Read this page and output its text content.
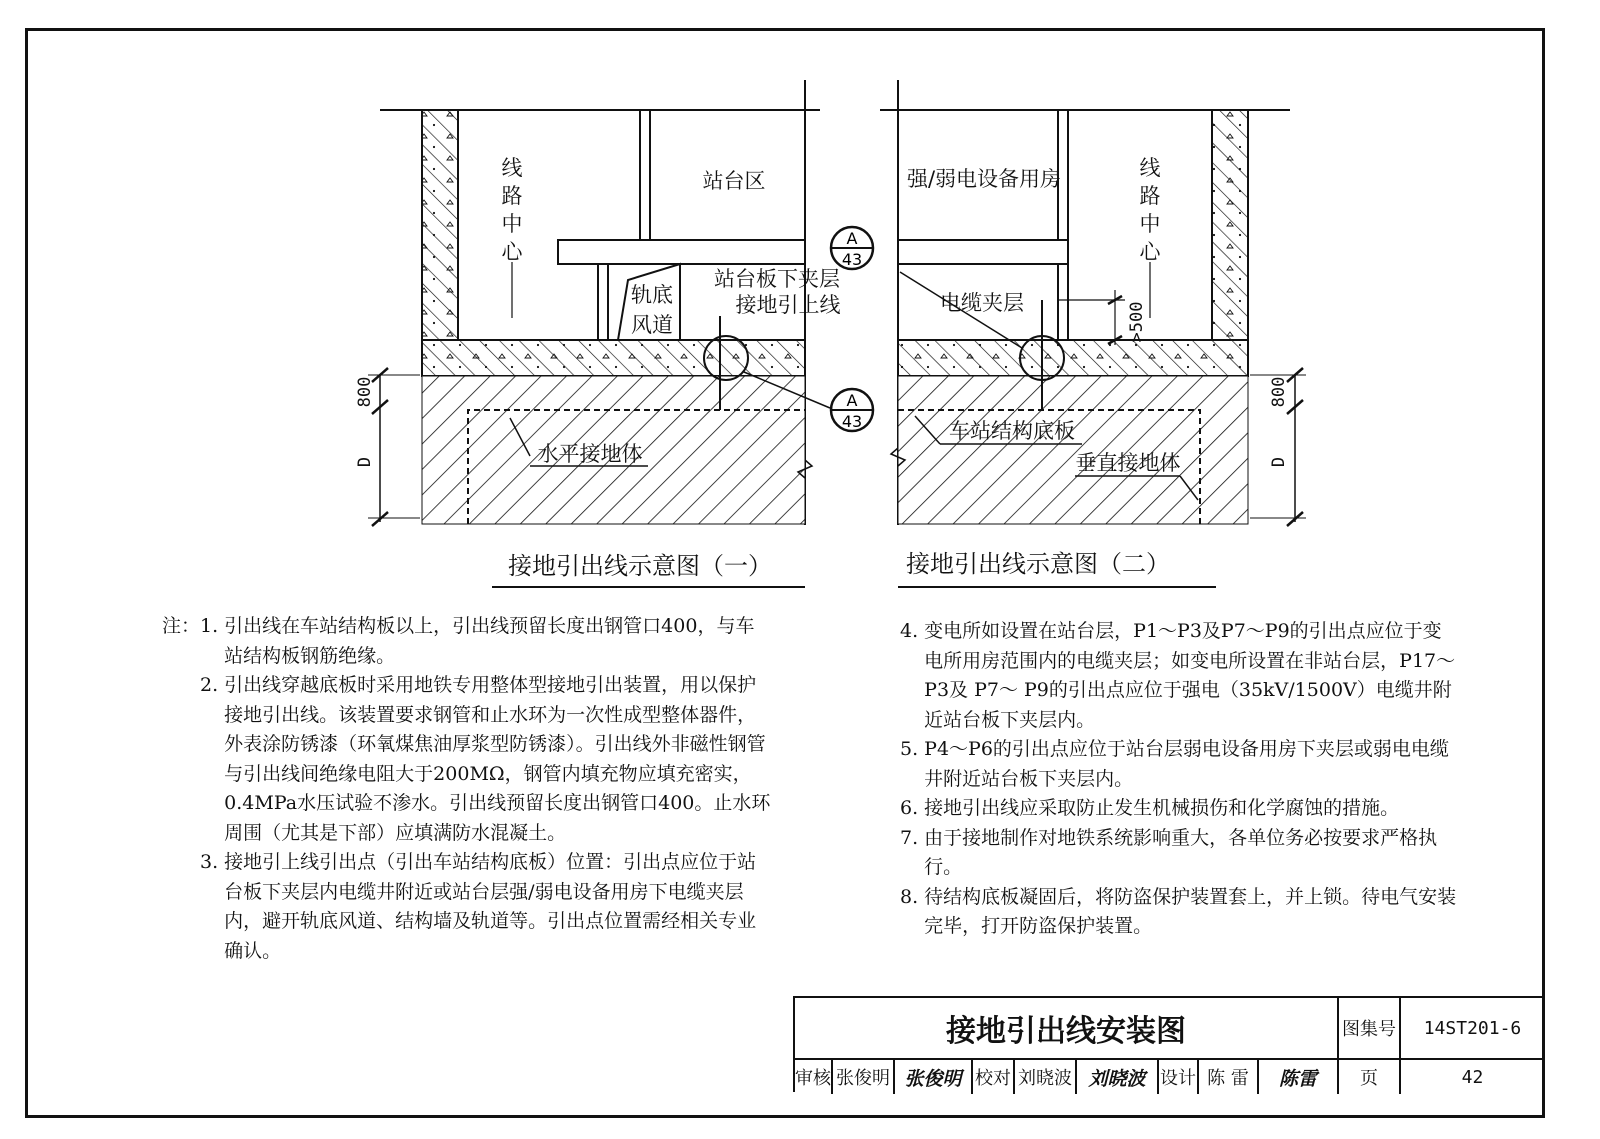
线
路
中
心
站台区
轨底
风道
站台板下夹层
接地引上线
水平接地体
强/弱电设备用房	线
路
中
心
电缆夹层
车站结构底板
垂直接地体
>500
800
D
800
D
A
43
A
43
接地引出线示意图（一）	接地引出线示意图（二）
注： 1. 引出线在车站结构板以上，引出线预留长度出钢管口400，与车站结构板钢筋绝缘。
2. 引出线穿越底板时采用地铁专用整体型接地引出装置，用以保护接地引出线。该装置要求钢管和止水环为一次性成型整体器件，外表涂防锈漆（环氧煤焦油厚浆型防锈漆）。引出线外非磁性钢管与引出线间绝缘电阻大于200MΩ，钢管内填充物应填充密实，0.4MPa水压试验不渗水。引出线预留长度出钢管口400。止水环周围（尤其是下部）应填满防水混凝土。
3. 接地引上线引出点（引出车站结构底板）位置：引出点应位于站台板下夹层内电缆井附近或站台层强/弱电设备用房下电缆夹层内，避开轨底风道、结构墙及轨道等。引出点位置需经相关专业确认。
4. 变电所如设置在站台层，P1～P3及P7～P9的引出点应位于变电所用房范围内的电缆夹层；如变电所设置在非站台层，P17～P3及 P7～ P9的引出点应位于强电（35kV/1500V）电缆井附近站台板下夹层内。
5. P4～P6的引出点应位于站台层弱电设备用房下夹层或弱电电缆井附近站台板下夹层内。
6. 接地引出线应采取防止发生机械损伤和化学腐蚀的措施。
7. 由于接地制作对地铁系统影响重大，各单位务必按要求严格执行。
8. 待结构底板凝固后，将防盗保护装置套上，并上锁。待电气安装完毕，打开防盗保护装置。
接地引出线安装图	图集号	14ST201-6
审核 张俊明 张俊明 校对 刘晓波 刘晓波 设计 陈 雷	陈雷	页	42
